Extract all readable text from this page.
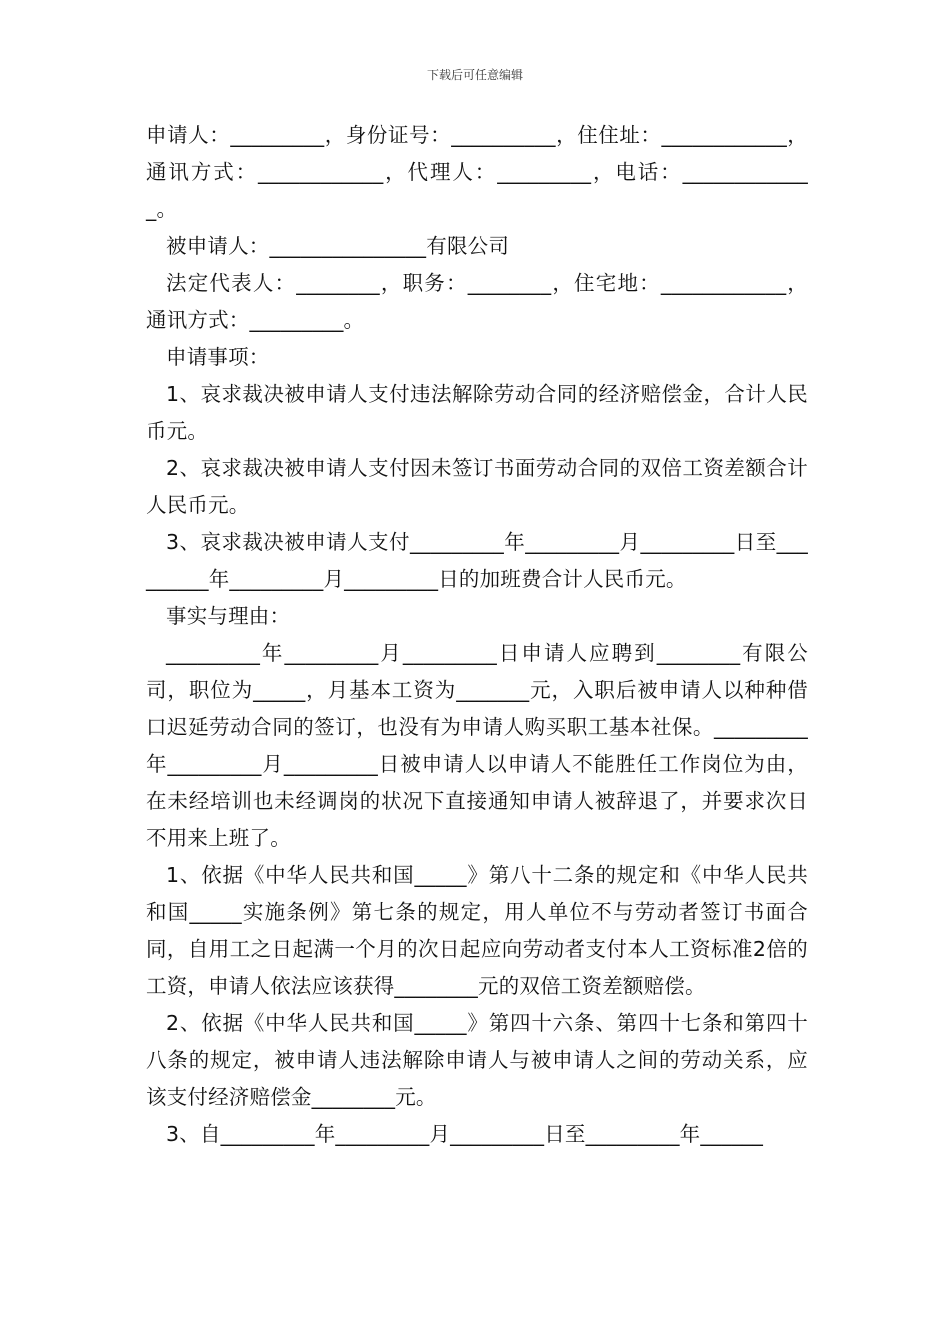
下载后可任意编辑

申请人：_________，身份证号：__________，住住址：____________，通讯方式：____________，代理人：_________，电话：_____________。

被申请人：_______________有限公司

法定代表人：________，职务：________，住宅地：____________，通讯方式：_________。

申请事项：

1、哀求裁决被申请人支付违法解除劳动合同的经济赔偿金，合计人民币元。

2、哀求裁决被申请人支付因未签订书面劳动合同的双倍工资差额合计人民币元。

3、哀求裁决被申请人支付_________年_________月_________日至_________年_________月_________日的加班费合计人民币元。

事实与理由：

_________年_________月_________日申请人应聘到________有限公司，职位为_____，月基本工资为_______元，入职后被申请人以种种借口迟延劳动合同的签订，也没有为申请人购买职工基本社保。_________年_________月_________日被申请人以申请人不能胜任工作岗位为由，在未经培训也未经调岗的状况下直接通知申请人被辞退了，并要求次日不用来上班了。

1、依据《中华人民共和国_____》第八十二条的规定和《中华人民共和国_____实施条例》第七条的规定，用人单位不与劳动者签订书面合同，自用工之日起满一个月的次日起应向劳动者支付本人工资标准2倍的工资，申请人依法应该获得________元的双倍工资差额赔偿。

2、依据《中华人民共和国_____》第四十六条、第四十七条和第四十八条的规定，被申请人违法解除申请人与被申请人之间的劳动关系，应该支付经济赔偿金________元。

3、自_________年_________月_________日至_________年______
